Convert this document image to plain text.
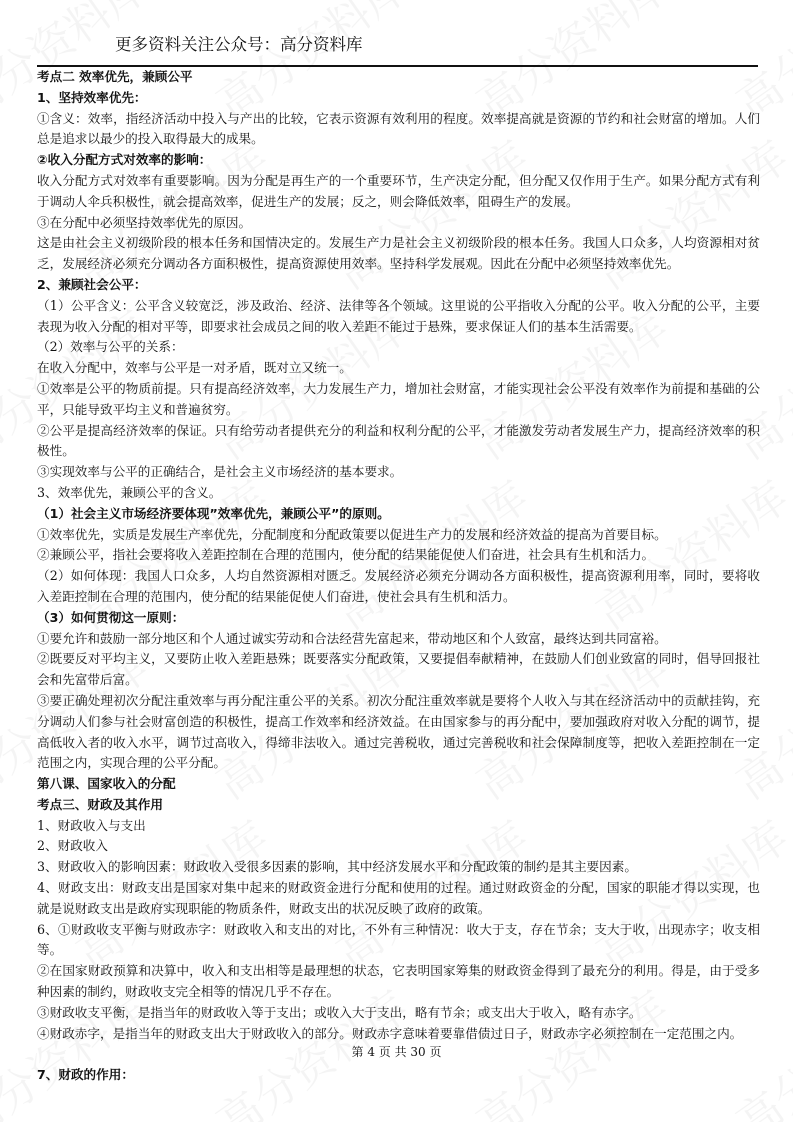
更多资料关注公众号：高分资料库

考点二 效率优先，兼顾公平

1、坚持效率优先：

①含义：效率，指经济活动中投入与产出的比较，它表示资源有效利用的程度。效率提高就是资源的节约和社会财富的增加。人们总是追求以最少的投入取得最大的成果。

②收入分配方式对效率的影响：

收入分配方式对效率有重要影响。因为分配是再生产的一个重要环节，生产决定分配，但分配又仅作用于生产。如果分配方式有利于调动人伞兵积极性，就会提高效率，促进生产的发展；反之，则会降低效率，阻碍生产的发展。

③在分配中必须坚持效率优先的原因。

这是由社会主义初级阶段的根本任务和国情决定的。发展生产力是社会主义初级阶段的根本任务。我国人口众多，人均资源相对贫乏，发展经济必须充分调动各方面积极性，提高资源使用效率。坚持科学发展观。因此在分配中必须坚持效率优先。

2、兼顾社会公平：

（1）公平含义：公平含义较宽泛，涉及政治、经济、法律等各个领域。这里说的公平指收入分配的公平。收入分配的公平，主要表现为收入分配的相对平等，即要求社会成员之间的收入差距不能过于悬殊，要求保证人们的基本生活需要。

（2）效率与公平的关系：

在收入分配中，效率与公平是一对矛盾，既对立又统一。

①效率是公平的物质前提。只有提高经济效率，大力发展生产力，增加社会财富，才能实现社会公平没有效率作为前提和基础的公平，只能导致平均主义和普遍贫穷。

②公平是提高经济效率的保证。只有给劳动者提供充分的利益和权利分配的公平，才能激发劳动者发展生产力，提高经济效率的积极性。

③实现效率与公平的正确结合，是社会主义市场经济的基本要求。

3、效率优先，兼顾公平的含义。

（1）社会主义市场经济要体现”效率优先，兼顾公平”的原则。

①效率优先，实质是发展生产率优先，分配制度和分配政策要以促进生产力的发展和经济效益的提高为首要目标。

②兼顾公平，指社会要将收入差距控制在合理的范围内，使分配的结果能促使人们奋进，社会具有生机和活力。

（2）如何体现：我国人口众多，人均自然资源相对匮乏。发展经济必须充分调动各方面积极性，提高资源利用率，同时，要将收入差距控制在合理的范围内，使分配的结果能促使人们奋进，使社会具有生机和活力。

（3）如何贯彻这一原则：

①要允许和鼓励一部分地区和个人通过诚实劳动和合法经营先富起来，带动地区和个人致富，最终达到共同富裕。

②既要反对平均主义，又要防止收入差距悬殊；既要落实分配政策，又要提倡奉献精神，在鼓励人们创业致富的同时，倡导回报社会和先富带后富。

③要正确处理初次分配注重效率与再分配注重公平的关系。初次分配注重效率就是要将个人收入与其在经济活动中的贡献挂钩，充分调动人们参与社会财富创造的积极性，提高工作效率和经济效益。在由国家参与的再分配中，要加强政府对收入分配的调节，提高低收入者的收入水平，调节过高收入，得缔非法收入。通过完善税收，通过完善税收和社会保障制度等，把收入差距控制在一定范围之内，实现合理的公平分配。

第八课、国家收入的分配

考点三、财政及其作用

1、财政收入与支出

2、财政收入

3、财政收入的影响因素：财政收入受很多因素的影响，其中经济发展水平和分配政策的制约是其主要因素。

4、财政支出：财政支出是国家对集中起来的财政资金进行分配和使用的过程。通过财政资金的分配，国家的职能才得以实现，也就是说财政支出是政府实现职能的物质条件，财政支出的状况反映了政府的政策。

6、①财政收支平衡与财政赤字：财政收入和支出的对比，不外有三种情况：收大于支，存在节余；支大于收，出现赤字；收支相等。

②在国家财政预算和决算中，收入和支出相等是最理想的状态，它表明国家筹集的财政资金得到了最充分的利用。得是，由于受多种因素的制约，财政收支完全相等的情况几乎不存在。

③财政收支平衡，是指当年的财政收入等于支出；或收入大于支出，略有节余；或支出大于收入，略有赤字。

④财政赤字，是指当年的财政支出大于财政收入的部分。财政赤字意味着要靠借债过日子，财政赤字必须控制在一定范围之内。

7、财政的作用：

第 4 页 共 30 页
